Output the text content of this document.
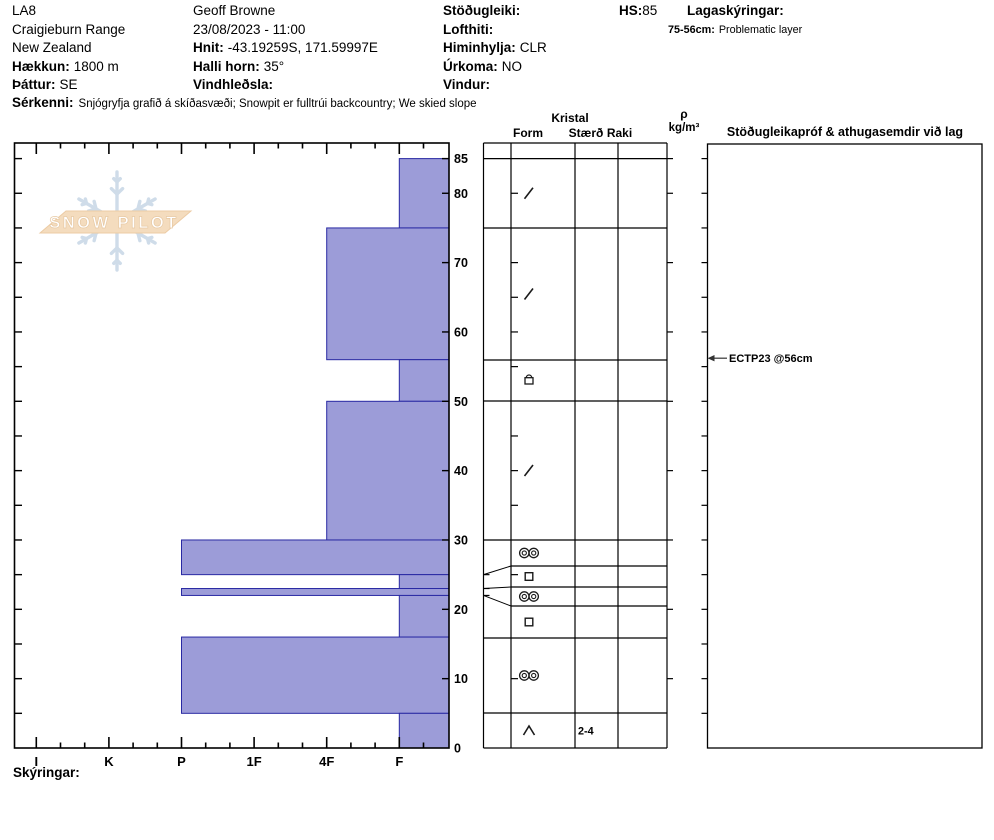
LA8
Craigieburn Range
New Zealand
Hækkun: 1800 m
Þáttur: SE
Geoff Browne
23/08/2023 - 11:00
Hnit: -43.19259S, 171.59997E
Halli horn: 35°
Vindhleðsla:
Stöðugleiki:
Lofthiti:
Himinhylja: CLR
Úrkoma: NO
Vindur:
HS:85 Lagaskýringar:
75-56cm: Problematic layer
Sérkenni: Snjógryfja grafið á skíðasvæði; Snowpit er fulltrúi backcountry; We skied slope
Kristal
Form	Stærð Raki
ρ
kg/m³	Stöðugleikapróf & athugasemdir við lag
Skýringar:
SNOW PILOT
85
80
70
60
50
40
30
20
10
0
I	K	P	1F	4F	F
2-4
ECTP23 @56cm
